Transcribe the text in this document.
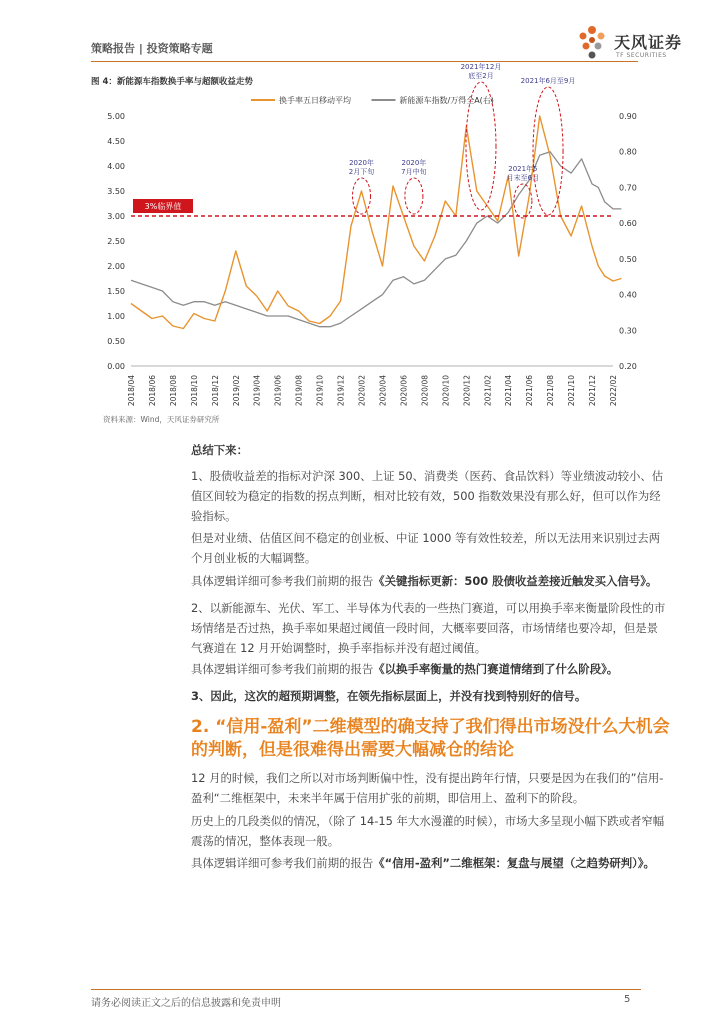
策略报告 | 投资策略专题	天风证券
TF SECURITIES
图 4：新能源车指数换手率与超额收益走势
0.00
0.50
1.00
1.50
2.00
2.50
3.00
3.50
4.00
4.50
5.00
0.20
0.30
0.40
0.50
0.60
0.70
0.80
0.90
2018/04 2018/06 2018/08 2018/10 2018/12 2019/02 2019/04 2019/06 2019/08 2019/10 2019/12 2020/02 2020/04 2020/06 2020/08 2020/10 2020/12 2021/02 2021/04 2021/06 2021/08 2021/10 2021/12 2022/02
换手率五日移动平均	新能源车指数/万得全A(右)
3%临界值
2020年
2月下旬
2020年
7月中旬
2021年12月
底至2月
2021年5
月末至6月
2021年6月至9月
资料来源：Wind，天风证券研究所
总结下来：
1、股债收益差的指标对沪深 300、上证 50、消费类（医药、食品饮料）等业绩波动较小、估值区间较为稳定的指数的拐点判断，相对比较有效，500 指数效果没有那么好，但可以作为经验指标。
但是对业绩、估值区间不稳定的创业板、中证 1000 等有效性较差，所以无法用来识别过去两个月创业板的大幅调整。
具体逻辑详细可参考我们前期的报告《关键指标更新：500 股债收益差接近触发买入信号》。
2、以新能源车、光伏、军工、半导体为代表的一些热门赛道，可以用换手率来衡量阶段性的市场情绪是否过热，换手率如果超过阈值一段时间，大概率要回落，市场情绪也要冷却，但是景气赛道在 12 月开始调整时，换手率指标并没有超过阈值。
具体逻辑详细可参考我们前期的报告《以换手率衡量的热门赛道情绪到了什么阶段》。
3、因此，这次的超预期调整，在领先指标层面上，并没有找到特别好的信号。
2. “信用-盈利”二维模型的确支持了我们得出市场没什么大机会的判断，但是很难得出需要大幅减仓的结论
12 月的时候，我们之所以对市场判断偏中性，没有提出跨年行情，只要是因为在我们的”信用-盈利“二维框架中，未来半年属于信用扩张的前期，即信用上、盈利下的阶段。
历史上的几段类似的情况，（除了 14-15 年大水漫灌的时候），市场大多呈现小幅下跌或者窄幅震荡的情况，整体表现一般。
具体逻辑详细可参考我们前期的报告《“信用-盈利”二维框架：复盘与展望（之趋势研判）》。
请务必阅读正文之后的信息披露和免责申明	5
